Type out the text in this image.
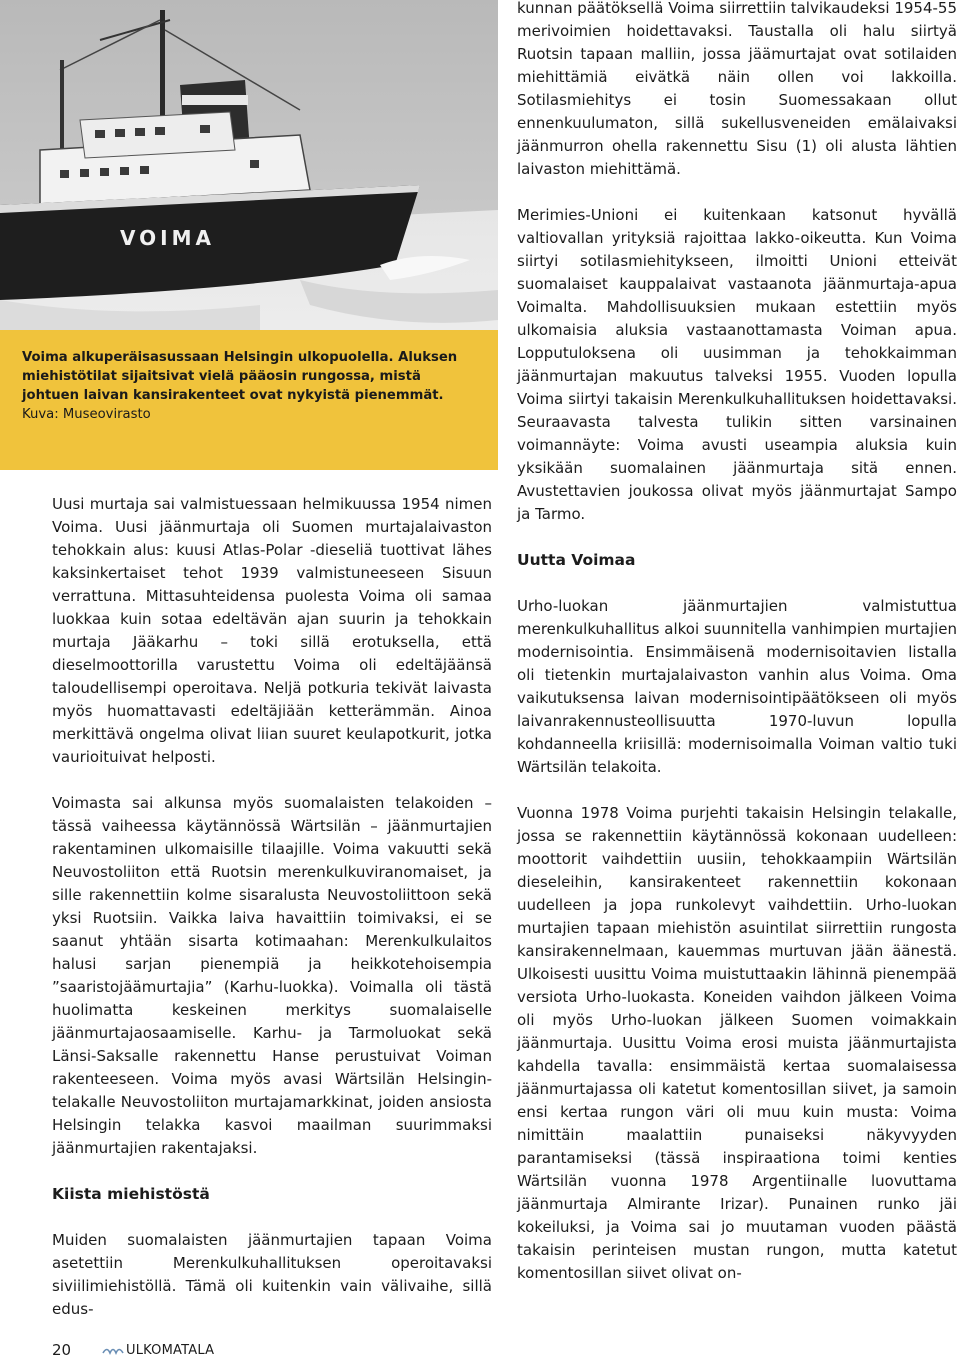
VOIMA
Voima alkuperäisasussaan Helsingin ulkopuolella. Aluksen miehistötilat sijaitsivat vielä pääosin rungossa, mistä johtuen laivan kansirakenteet ovat nykyistä pienemmät.
Kuva: Museovirasto

Uusi murtaja sai valmistuessaan helmikuussa 1954 nimen Voima. Uusi jäänmurtaja oli Suomen murtajalaivaston tehokkain alus: kuusi Atlas-Polar -dieseliä tuottivat lähes kaksinkertaiset tehot 1939 valmistuneeseen Sisuun verrattuna. Mittasuhteidensa puolesta Voima oli samaa luokkaa kuin sotaa edeltävän ajan suurin ja tehokkain murtaja Jääkarhu – toki sillä erotuksella, että dieselmoottorilla varustettu Voima oli edeltäjäänsä taloudellisempi operoitava. Neljä potkuria tekivät laivasta myös huomattavasti edeltäjiään ketterämmän. Ainoa merkittävä ongelma olivat liian suuret keulapotkurit, jotka vaurioituivat helposti.

Voimasta sai alkunsa myös suomalaisten telakoiden – tässä vaiheessa käytännössä Wärtsilän – jäänmurtajien rakentaminen ulkomaisille tilaajille. Voima vakuutti sekä Neuvostoliiton että Ruotsin merenkulkuviranomaiset, ja sille rakennettiin kolme sisaralusta Neuvostoliittoon sekä yksi Ruotsiin. Vaikka laiva havaittiin toimivaksi, ei se saanut yhtään sisarta kotimaahan: Merenkulkulaitos halusi sarjan pienempiä ja heikkotehoisempia ”saaristojäämurtajia” (Karhu-luokka). Voimalla oli tästä huolimatta keskeinen merkitys suomalaiselle jäänmurtajaosaamiselle. Karhu- ja Tarmoluokat sekä Länsi-Saksalle rakennettu Hanse perustuivat Voiman rakenteeseen. Voima myös avasi Wärtsilän Helsingin-telakalle Neuvostoliiton murtajamarkkinat, joiden ansiosta Helsingin telakka kasvoi maailman suurimmaksi jäänmurtajien rakentajaksi.

Kiista miehistöstä

Muiden suomalaisten jäänmurtajien tapaan Voima asetettiin Merenkulkuhallituksen operoitavaksi siviilimiehistöllä. Tämä oli kuitenkin vain välivaihe, sillä edus-

kunnan päätöksellä Voima siirrettiin talvikaudeksi 1954-55 merivoimien hoidettavaksi. Taustalla oli halu siirtyä Ruotsin tapaan malliin, jossa jäämurtajat ovat sotilaiden miehittämiä eivätkä näin ollen voi lakkoilla. Sotilasmiehitys ei tosin Suomessakaan ollut ennenkuulumaton, sillä sukellusveneiden emälaivaksi jäänmurron ohella rakennettu Sisu (1) oli alusta lähtien laivaston miehittämä.

Merimies-Unioni ei kuitenkaan katsonut hyvällä valtiovallan yrityksiä rajoittaa lakko-oikeutta. Kun Voima siirtyi sotilasmiehitykseen, ilmoitti Unioni etteivät suomalaiset kauppalaivat vastaanota jäänmurtaja-apua Voimalta. Mahdollisuuksien mukaan estettiin myös ulkomaisia aluksia vastaanottamasta Voiman apua. Lopputuloksena oli uusimman ja tehokkaimman jäänmurtajan makuutus talveksi 1955. Vuoden lopulla Voima siirtyi takaisin Merenkulkuhallituksen hoidettavaksi. Seuraavasta talvesta tulikin sitten varsinainen voimannäyte: Voima avusti useampia aluksia kuin yksikään suomalainen jäänmurtaja sitä ennen. Avustettavien joukossa olivat myös jäänmurtajat Sampo ja Tarmo.

Uutta Voimaa

Urho-luokan jäänmurtajien valmistuttua merenkulkuhallitus alkoi suunnitella vanhimpien murtajien modernisointia. Ensimmäisenä modernisoitavien listalla oli tietenkin murtajalaivaston vanhin alus Voima. Oma vaikutuksensa laivan modernisointipäätökseen oli myös laivanrakennusteollisuutta 1970-luvun lopulla kohdanneella kriisillä: modernisoimalla Voiman valtio tuki Wärtsilän telakoita.

Vuonna 1978 Voima purjehti takaisin Helsingin telakalle, jossa se rakennettiin käytännössä kokonaan uudelleen: moottorit vaihdettiin uusiin, tehokkaampiin Wärtsilän dieseleihin, kansirakenteet rakennettiin kokonaan uudelleen ja jopa runkolevyt vaihdettiin. Urho-luokan murtajien tapaan miehistön asuintilat siirrettiin rungosta kansirakennelmaan, kauemmas murtuvan jään äänestä. Ulkoisesti uusittu Voima muistuttaakin lähinnä pienempää versiota Urho-luokasta. Koneiden vaihdon jälkeen Voima oli myös Urho-luokan jälkeen Suomen voimakkain jäänmurtaja. Uusittu Voima erosi muista jäänmurtajista kahdella tavalla: ensimmäistä kertaa suomalaisessa jäänmurtajassa oli katetut komentosillan siivet, ja samoin ensi kertaa rungon väri oli muu kuin musta: Voima nimittäin maalattiin punaiseksi näkyvyyden parantamiseksi (tässä inspiraationa toimi kenties Wärtsilän vuonna 1978 Argentiinalle luovuttama jäänmurtaja Almirante Irizar). Punainen runko jäi kokeiluksi, ja Voima sai jo muutaman vuoden päästä takaisin perinteisen mustan rungon, mutta katetut komentosillan siivet olivat on-

20	ULKOMATALA
